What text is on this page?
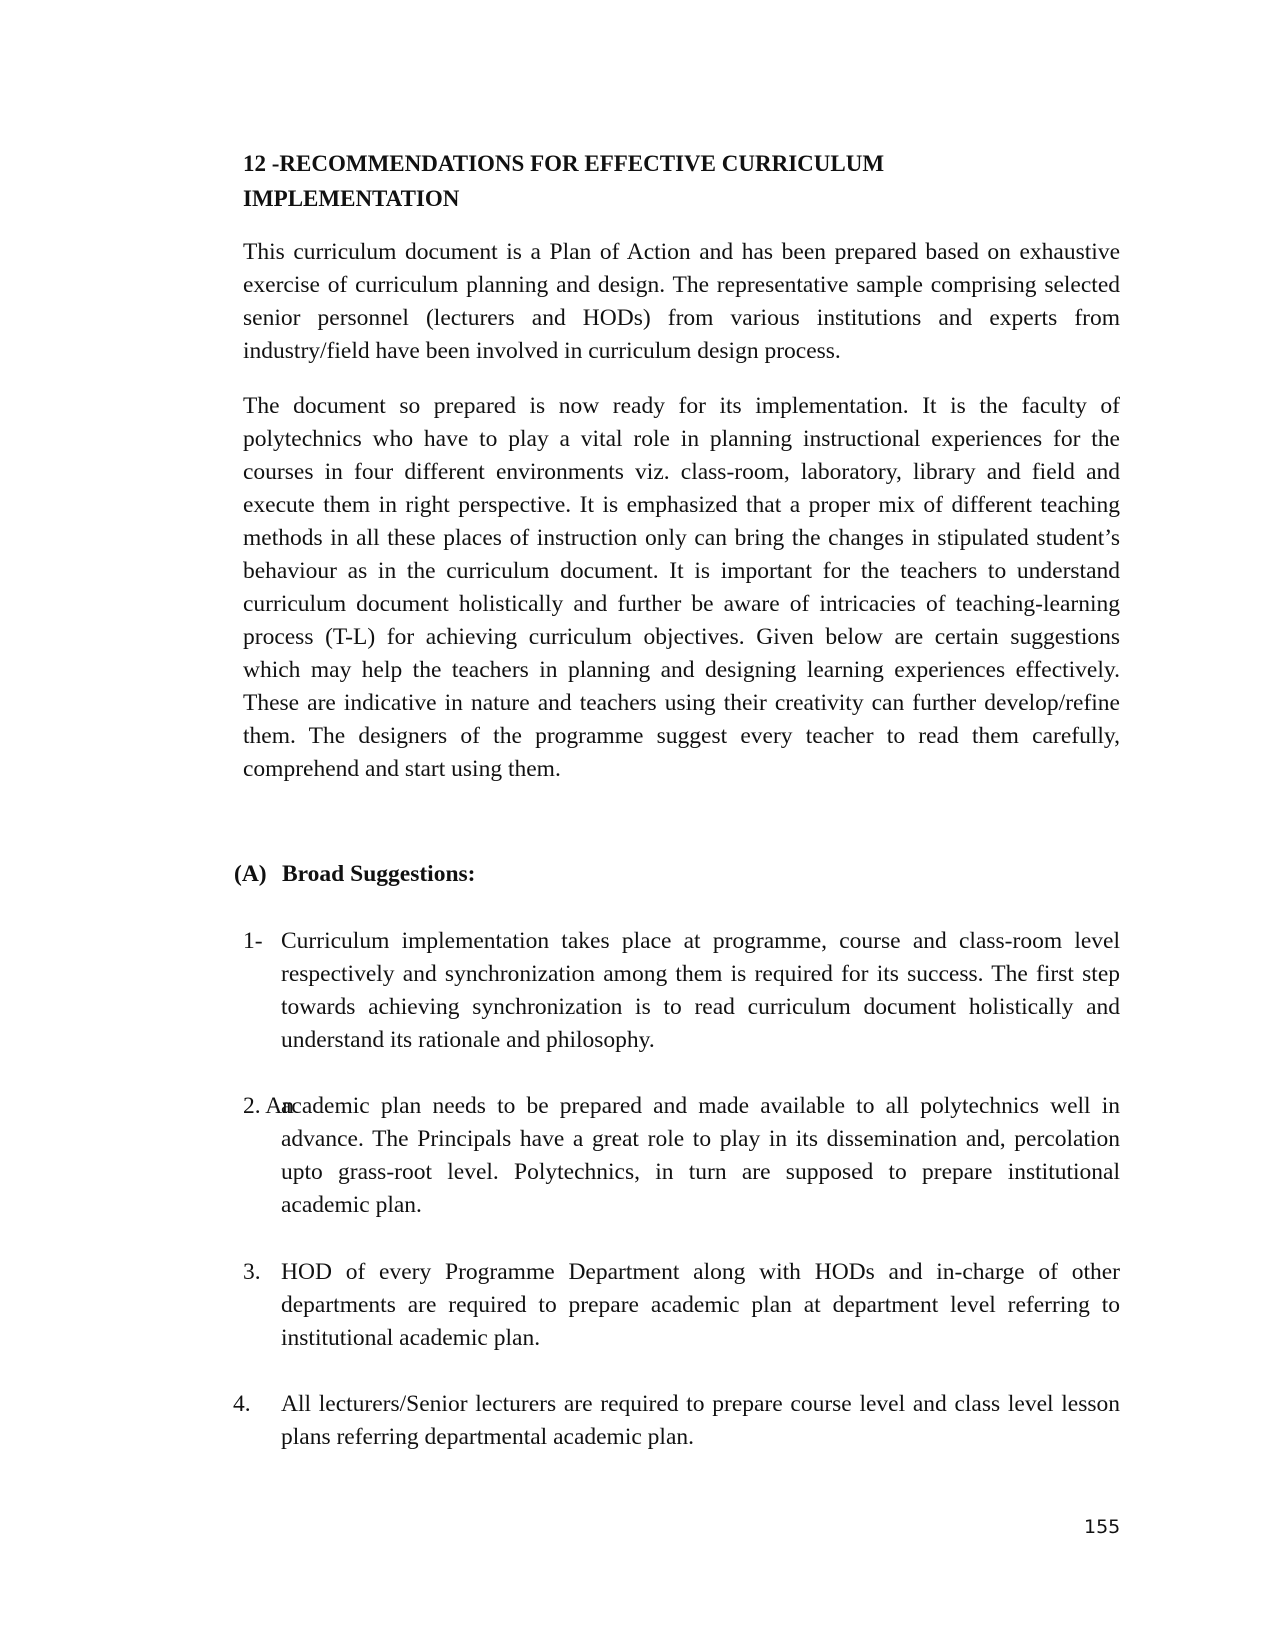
12 -RECOMMENDATIONS FOR EFFECTIVE CURRICULUM
IMPLEMENTATION

This curriculum document is a Plan of Action and has been prepared based on exhaustive exercise of curriculum planning and design. The representative sample comprising selected senior personnel (lecturers and HODs) from various institutions and experts from industry/field have been involved in curriculum design process.

The document so prepared is now ready for its implementation. It is the faculty of polytechnics who have to play a vital role in planning instructional experiences for the courses in four different environments viz. class-room, laboratory, library and field and execute them in right perspective. It is emphasized that a proper mix of different teaching methods in all these places of instruction only can bring the changes in stipulated student’s behaviour as in the curriculum document. It is important for the teachers to understand curriculum document holistically and further be aware of intricacies of teaching-learning process (T-L) for achieving curriculum objectives. Given below are certain suggestions which may help the teachers in planning and designing learning experiences effectively. These are indicative in nature and teachers using their creativity can further develop/refine them. The designers of the programme suggest every teacher to read them carefully, comprehend and start using them.

(A) Broad Suggestions:
1- Curriculum implementation takes place at programme, course and class-room level respectively and synchronization among them is required for its success. The first step towards achieving synchronization is to read curriculum document holistically and understand its rationale and philosophy.
2. An
academic plan needs to be prepared and made available to all polytechnics well in advance. The Principals have a great role to play in its dissemination and, percolation upto grass-root level. Polytechnics, in turn are supposed to prepare institutional academic plan.
3. HOD of every Programme Department along with HODs and in-charge of other departments are required to prepare academic plan at department level referring to institutional academic plan.
4. All lecturers/Senior lecturers are required to prepare course level and class level lesson plans referring departmental academic plan.
155
